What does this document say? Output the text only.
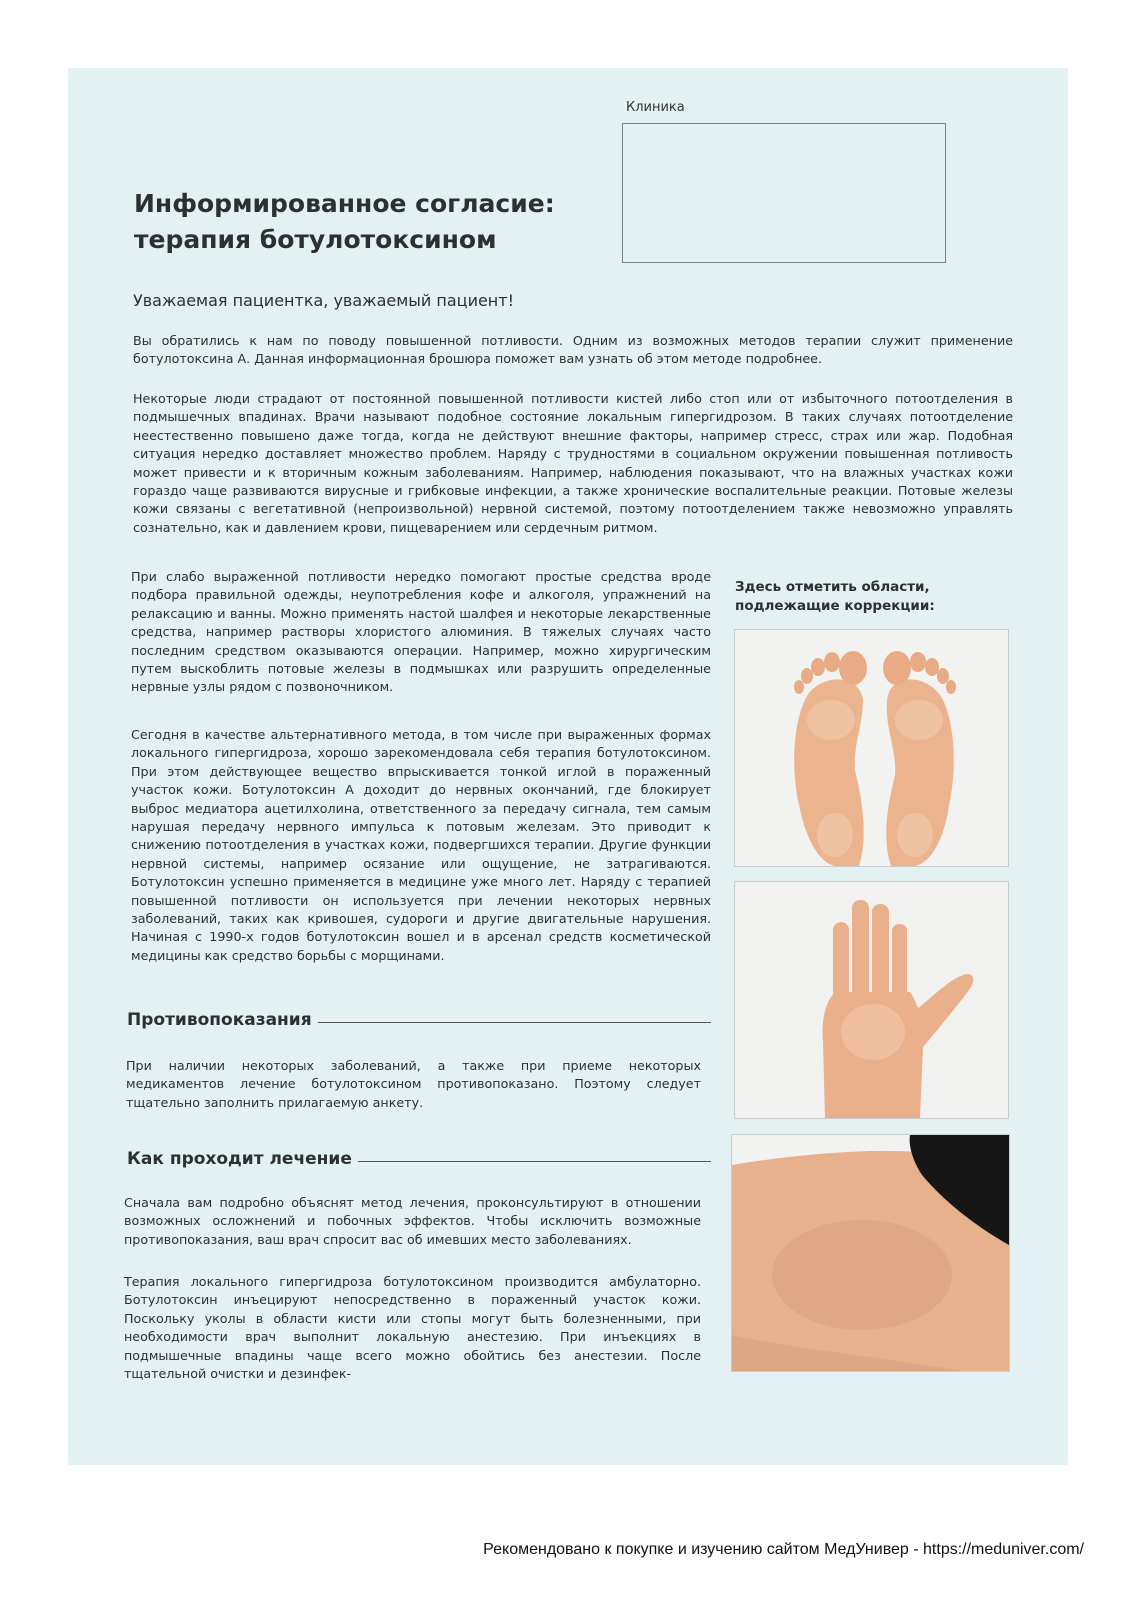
Клиника
Информированное согласие:
терапия ботулотоксином
Уважаемая пациентка, уважаемый пациент!

Вы обратились к нам по поводу повышенной потливости. Одним из возможных методов терапии служит применение ботулотоксина А. Данная информационная брошюра поможет вам узнать об этом методе подробнее.

Некоторые люди страдают от постоянной повышенной потливости кистей либо стоп или от избыточного потоотделения в подмышечных впадинах. Врачи называют подобное состояние локальным гипергидрозом. В таких случаях потоотделение неестественно повышено даже тогда, когда не действуют внешние факторы, например стресс, страх или жар. Подобная ситуация нередко доставляет множество проблем. Наряду с трудностями в социальном окружении повышенная потливость может привести и к вторичным кожным заболеваниям. Например, наблюдения показывают, что на влажных участках кожи гораздо чаще развиваются вирусные и грибковые инфекции, а также хронические воспалительные реакции. Потовые железы кожи связаны с вегетативной (непроизвольной) нервной системой, поэтому потоотделением также невозможно управлять сознательно, как и давлением крови, пищеварением или сердечным ритмом.

При слабо выраженной потливости нередко помогают простые средства вроде подбора правильной одежды, неупотребления кофе и алкоголя, упражнений на релаксацию и ванны. Можно применять настой шалфея и некоторые лекарственные средства, например растворы хлористого алюминия. В тяжелых случаях часто последним средством оказываются операции. Например, можно хирургическим путем выскоблить потовые железы в подмышках или разрушить определенные нервные узлы рядом с позвоночником.

Сегодня в качестве альтернативного метода, в том числе при выраженных формах локального гипергидроза, хорошо зарекомендовала себя терапия ботулотоксином. При этом действующее вещество впрыскивается тонкой иглой в пораженный участок кожи. Ботулотоксин А доходит до нервных окончаний, где блокирует выброс медиатора ацетилхолина, ответственного за передачу сигнала, тем самым нарушая передачу нервного импульса к потовым железам. Это приводит к снижению потоотделения в участках кожи, подвергшихся терапии. Другие функции нервной системы, например осязание или ощущение, не затрагиваются. Ботулотоксин успешно применяется в медицине уже много лет. Наряду с терапией повышенной потливости он используется при лечении некоторых нервных заболеваний, таких как кривошея, судороги и другие двигательные нарушения. Начиная с 1990-х годов ботулотоксин вошел и в арсенал средств косметической медицины как средство борьбы с морщинами.

Противопоказания

При наличии некоторых заболеваний, а также при приеме некоторых медикаментов лечение ботулотоксином противопоказано. Поэтому следует тщательно заполнить прилагаемую анкету.

Как проходит лечение

Сначала вам подробно объяснят метод лечения, проконсультируют в отношении возможных осложнений и побочных эффектов. Чтобы исключить возможные противопоказания, ваш врач спросит вас об имевших место заболеваниях.

Терапия локального гипергидроза ботулотоксином производится амбулаторно. Ботулотоксин инъецируют непосредственно в пораженный участок кожи. Поскольку уколы в области кисти или стопы могут быть болезненными, при необходимости врач выполнит локальную анестезию. При инъекциях в подмышечные впадины чаще всего можно обойтись без анестезии. После тщательной очистки и дезинфек-

Здесь отметить области, подлежащие коррекции:
Рекомендовано к покупке и изучению сайтом МедУнивер - https://meduniver.com/
